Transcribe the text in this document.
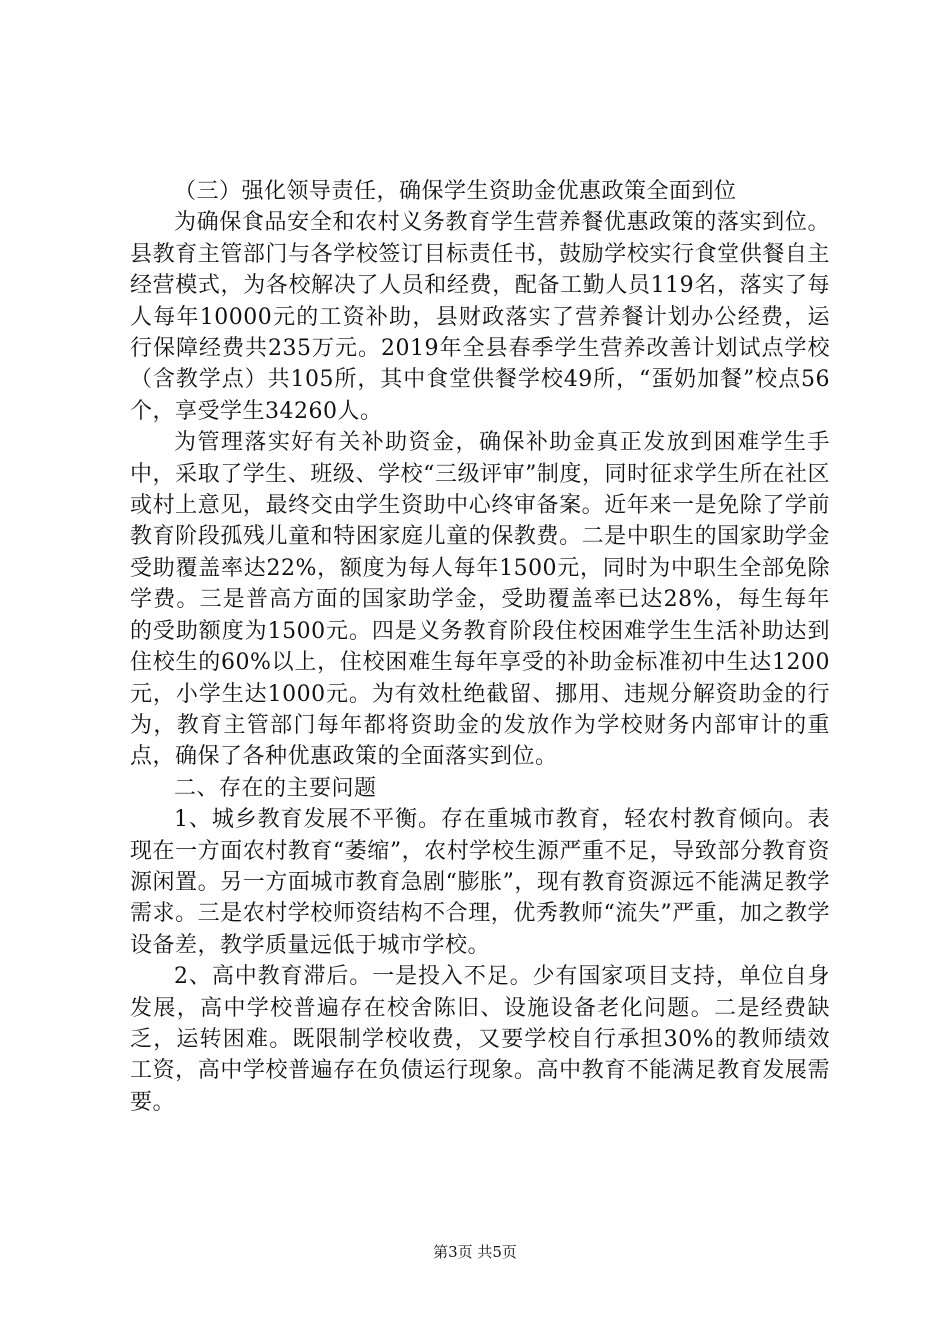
（三）强化领导责任，确保学生资助金优惠政策全面到位

为确保食品安全和农村义务教育学生营养餐优惠政策的落实到位。县教育主管部门与各学校签订目标责任书，鼓励学校实行食堂供餐自主经营模式，为各校解决了人员和经费，配备工勤人员119名，落实了每人每年10000元的工资补助，县财政落实了营养餐计划办公经费，运行保障经费共235万元。2019年全县春季学生营养改善计划试点学校（含教学点）共105所，其中食堂供餐学校49所，“蛋奶加餐”校点56个，享受学生34260人。

为管理落实好有关补助资金，确保补助金真正发放到困难学生手中，采取了学生、班级、学校“三级评审”制度，同时征求学生所在社区或村上意见，最终交由学生资助中心终审备案。近年来一是免除了学前教育阶段孤残儿童和特困家庭儿童的保教费。二是中职生的国家助学金受助覆盖率达22%，额度为每人每年1500元，同时为中职生全部免除学费。三是普高方面的国家助学金，受助覆盖率已达28%，每生每年的受助额度为1500元。四是义务教育阶段住校困难学生生活补助达到住校生的60%以上，住校困难生每年享受的补助金标准初中生达1200元，小学生达1000元。为有效杜绝截留、挪用、违规分解资助金的行为，教育主管部门每年都将资助金的发放作为学校财务内部审计的重点，确保了各种优惠政策的全面落实到位。

二、存在的主要问题

1、城乡教育发展不平衡。存在重城市教育，轻农村教育倾向。表现在一方面农村教育“萎缩”，农村学校生源严重不足，导致部分教育资源闲置。另一方面城市教育急剧“膨胀”，现有教育资源远不能满足教学需求。三是农村学校师资结构不合理，优秀教师“流失”严重，加之教学设备差，教学质量远低于城市学校。

2、高中教育滞后。一是投入不足。少有国家项目支持，单位自身发展，高中学校普遍存在校舍陈旧、设施设备老化问题。二是经费缺乏，运转困难。既限制学校收费，又要学校自行承担30%的教师绩效工资，高中学校普遍存在负债运行现象。高中教育不能满足教育发展需要。

第3页 共5页
